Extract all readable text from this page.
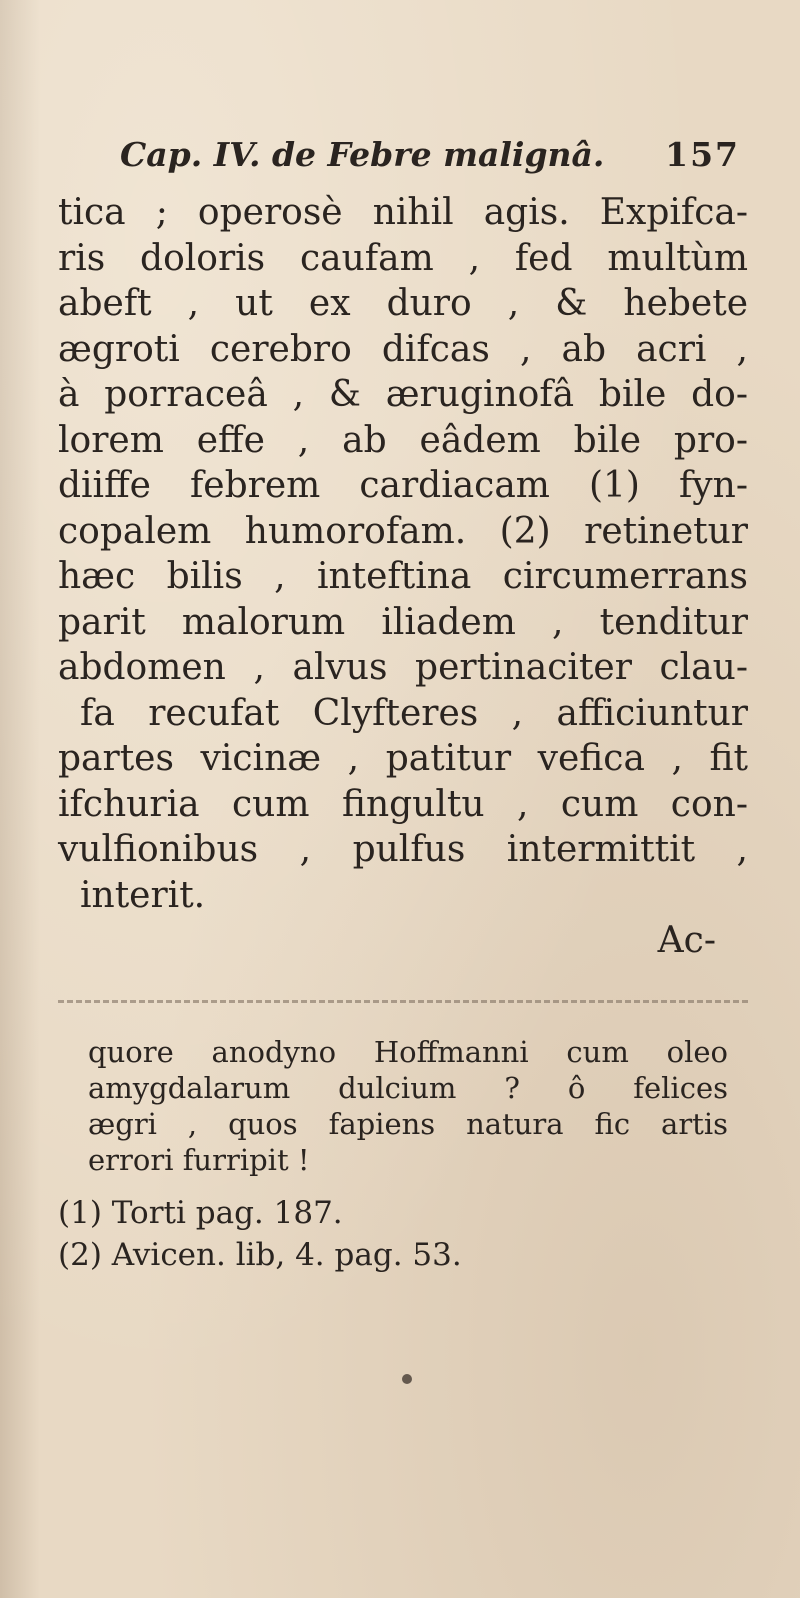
Cap. IV. de Febre malignâ.	157
tica ; operosè nihil agis. Expifca-
ris doloris caufam , fed multùm
abeft , ut ex duro , & hebete
ægroti cerebro difcas , ab acri ,
à porraceâ , & æruginofâ bile do-
lorem effe , ab eâdem bile pro-
diiffe febrem cardiacam (1) fyn-
copalem humorofam. (2) retinetur
hæc bilis , inteftina circumerrans
parit malorum iliadem , tenditur
abdomen , alvus pertinaciter clau-
fa recufat Clyfteres , afficiuntur
partes vicinæ , patitur vefica , fit
ifchuria cum fingultu , cum con-
vulfionibus , pulfus intermittit ,
interit.
Ac-
quore anodyno Hoffmanni cum oleo
amygdalarum dulcium ? ô felices
ægri , quos fapiens natura fic artis
errori furripit !
(1) Torti pag. 187.
(2) Avicen. lib, 4. pag. 53.
